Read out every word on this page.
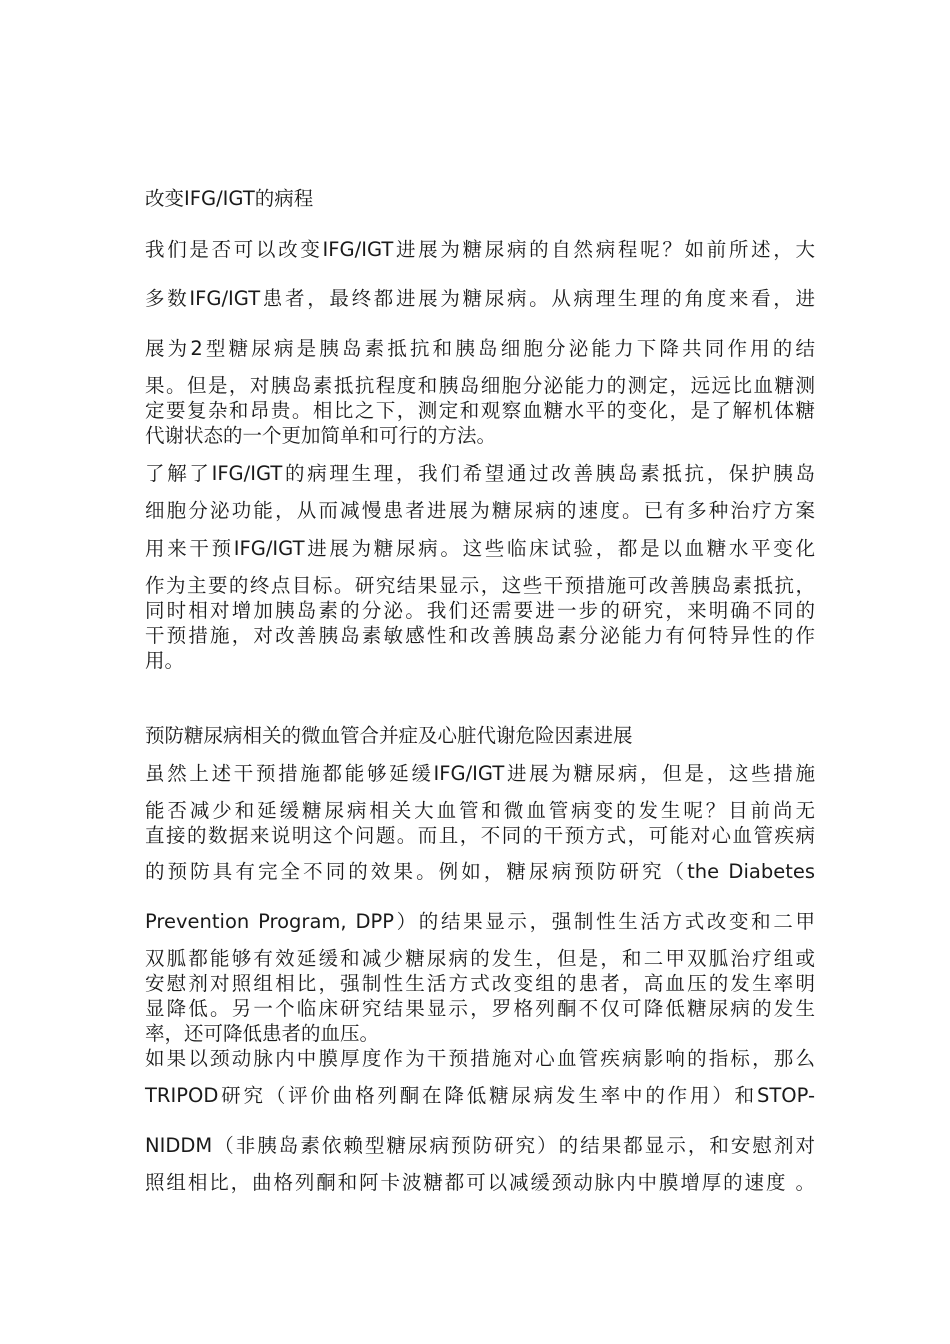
改变IFG/IGT的病程
我们是否可以改变IFG/IGT进展为糖尿病的自然病程呢？如前所述，大
多数IFG/IGT患者，最终都进展为糖尿病。从病理生理的角度来看，进
展为2型糖尿病是胰岛素抵抗和胰岛细胞分泌能力下降共同作用的结
果。但是，对胰岛素抵抗程度和胰岛细胞分泌能力的测定，远远比血糖测
定要复杂和昂贵。相比之下，测定和观察血糖水平的变化，是了解机体糖
代谢状态的一个更加简单和可行的方法。
了解了IFG/IGT的病理生理，我们希望通过改善胰岛素抵抗，保护胰岛
细胞分泌功能，从而减慢患者进展为糖尿病的速度。已有多种治疗方案
用来干预IFG/IGT进展为糖尿病。这些临床试验，都是以血糖水平变化
作为主要的终点目标。研究结果显示，这些干预措施可改善胰岛素抵抗，
同时相对增加胰岛素的分泌。我们还需要进一步的研究，来明确不同的
干预措施，对改善胰岛素敏感性和改善胰岛素分泌能力有何特异性的作
用。
预防糖尿病相关的微血管合并症及心脏代谢危险因素进展
虽然上述干预措施都能够延缓IFG/IGT进展为糖尿病，但是，这些措施
能否减少和延缓糖尿病相关大血管和微血管病变的发生呢？目前尚无
直接的数据来说明这个问题。而且，不同的干预方式，可能对心血管疾病
的预防具有完全不同的效果。例如，糖尿病预防研究（the Diabetes
Prevention Program, DPP）的结果显示，强制性生活方式改变和二甲
双胍都能够有效延缓和减少糖尿病的发生，但是，和二甲双胍治疗组或
安慰剂对照组相比，强制性生活方式改变组的患者，高血压的发生率明
显降低。另一个临床研究结果显示，罗格列酮不仅可降低糖尿病的发生
率，还可降低患者的血压。
如果以颈动脉内中膜厚度作为干预措施对心血管疾病影响的指标，那么
TRIPOD研究（评价曲格列酮在降低糖尿病发生率中的作用）和STOP-
NIDDM（非胰岛素依赖型糖尿病预防研究）的结果都显示，和安慰剂对
照组相比，曲格列酮和阿卡波糖都可以减缓颈动脉内中膜增厚的速度 。
